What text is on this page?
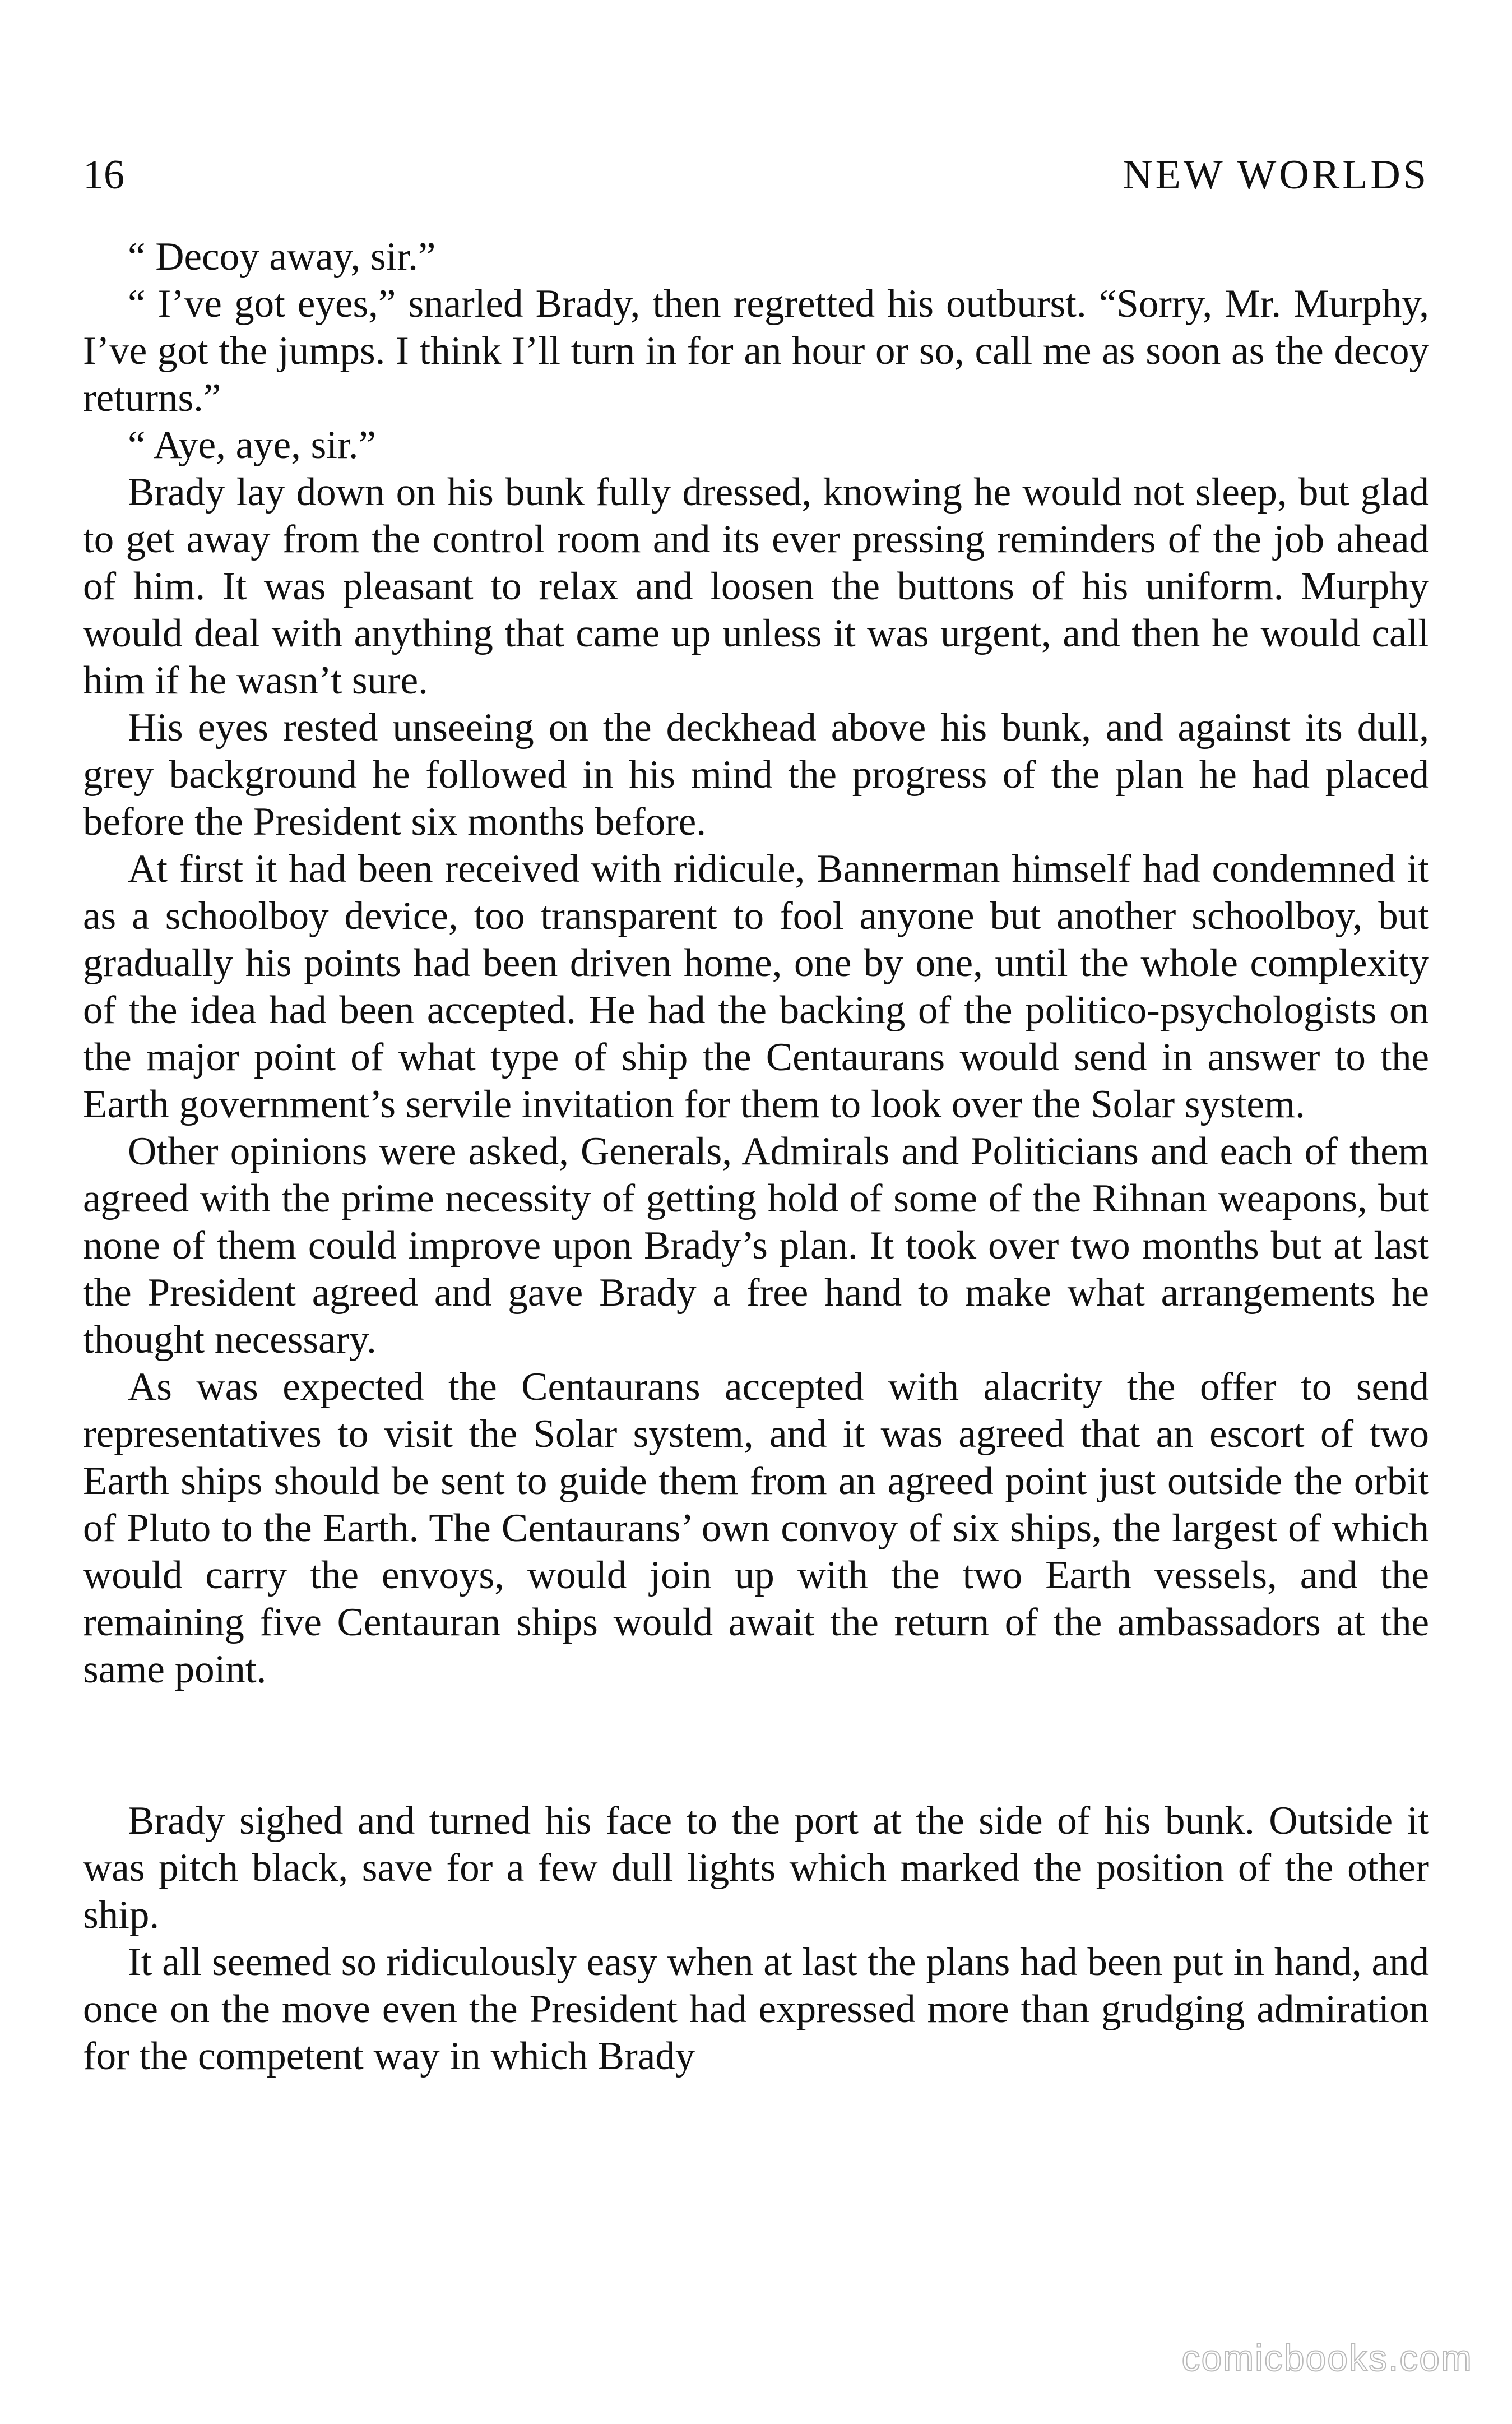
16	NEW WORLDS

“ Decoy away, sir.”

“ I’ve got eyes,” snarled Brady, then regretted his outburst. “Sorry, Mr. Murphy, I’ve got the jumps. I think I’ll turn in for an hour or so, call me as soon as the decoy returns.”

“ Aye, aye, sir.”

Brady lay down on his bunk fully dressed, knowing he would not sleep, but glad to get away from the control room and its ever pressing reminders of the job ahead of him. It was pleasant to relax and loosen the buttons of his uniform. Murphy would deal with anything that came up unless it was urgent, and then he would call him if he wasn’t sure.

His eyes rested unseeing on the deckhead above his bunk, and against its dull, grey background he followed in his mind the progress of the plan he had placed before the President six months before.

At first it had been received with ridicule, Bannerman himself had condemned it as a schoolboy device, too transparent to fool anyone but another schoolboy, but gradually his points had been driven home, one by one, until the whole complexity of the idea had been accepted. He had the backing of the politico-psychologists on the major point of what type of ship the Centaurans would send in answer to the Earth government’s servile invitation for them to look over the Solar system.

Other opinions were asked, Generals, Admirals and Politicians and each of them agreed with the prime necessity of getting hold of some of the Rihnan weapons, but none of them could improve upon Brady’s plan. It took over two months but at last the President agreed and gave Brady a free hand to make what arrangements he thought necessary.

As was expected the Centaurans accepted with alacrity the offer to send representatives to visit the Solar system, and it was agreed that an escort of two Earth ships should be sent to guide them from an agreed point just outside the orbit of Pluto to the Earth. The Centaurans’ own convoy of six ships, the largest of which would carry the envoys, would join up with the two Earth vessels, and the remaining five Centauran ships would await the return of the ambassadors at the same point.

Brady sighed and turned his face to the port at the side of his bunk. Outside it was pitch black, save for a few dull lights which marked the position of the other ship.

It all seemed so ridiculously easy when at last the plans had been put in hand, and once on the move even the President had expressed more than grudging admiration for the competent way in which Brady

comicbooks.com
